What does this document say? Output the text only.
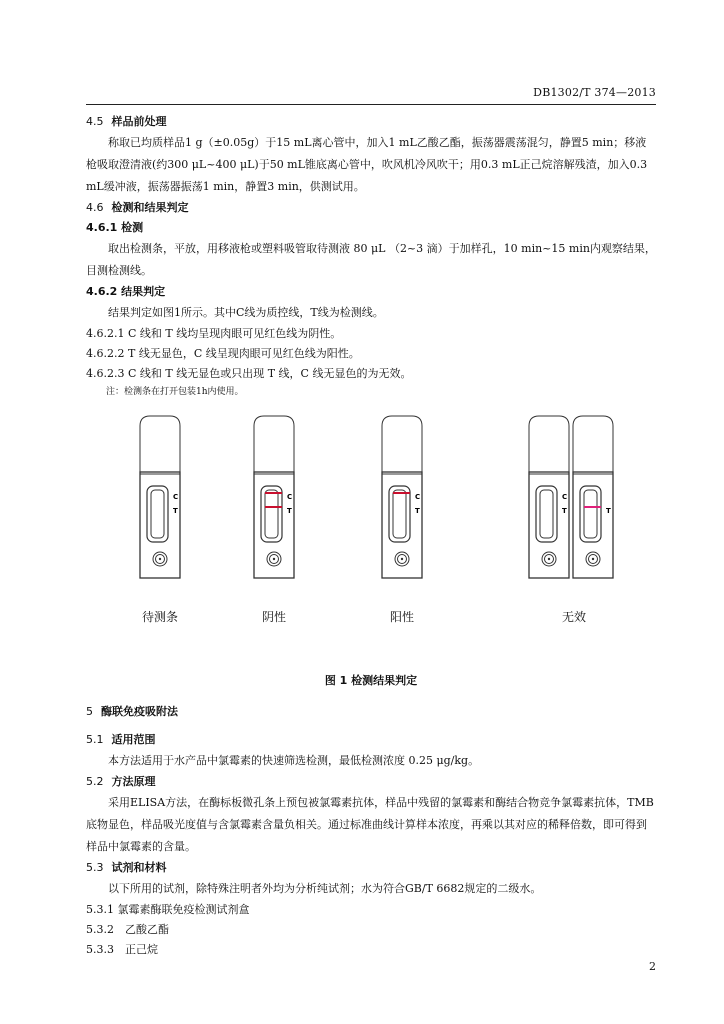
DB1302/T 374—2013
4.5 样品前处理
称取已均质样品1 g（±0.05g）于15 mL离心管中，加入1 mL乙酸乙酯，振荡器震荡混匀，静置5 min；移液枪吸取澄清液(约300 μL~400 μL)于50 mL锥底离心管中，吹风机冷风吹干；用0.3 mL正己烷溶解残渣，加入0.3 mL缓冲液，振荡器振荡1 min，静置3 min，供测试用。
4.6 检测和结果判定
4.6.1 检测
取出检测条，平放，用移液枪或塑料吸管取待测液 80 μL （2~3 滴）于加样孔，10 min~15 min内观察结果，目测检测线。
4.6.2 结果判定
结果判定如图1所示。其中C线为质控线，T线为检测线。
4.6.2.1 C 线和 T 线均呈现肉眼可见红色线为阴性。
4.6.2.2 T 线无显色，C 线呈现肉眼可见红色线为阳性。
4.6.2.3 C 线和 T 线无显色或只出现 T 线，C 线无显色的为无效。
注：检测条在打开包装1h内使用。
C
T
C
T
C
T
C
T	T
待测条	阴性	阳性	无效
图 1 检测结果判定
5 酶联免疫吸附法
5.1 适用范围
本方法适用于水产品中氯霉素的快速筛选检测，最低检测浓度 0.25 μg/kg。
5.2 方法原理
采用ELISA方法，在酶标板微孔条上预包被氯霉素抗体，样品中残留的氯霉素和酶结合物竞争氯霉素抗体，TMB底物显色，样品吸光度值与含氯霉素含量负相关。通过标准曲线计算样本浓度，再乘以其对应的稀释倍数，即可得到样品中氯霉素的含量。
5.3 试剂和材料
以下所用的试剂，除特殊注明者外均为分析纯试剂；水为符合GB/T 6682规定的二级水。
5.3.1 氯霉素酶联免疫检测试剂盒
5.3.2　乙酸乙酯
5.3.3　正己烷
2
